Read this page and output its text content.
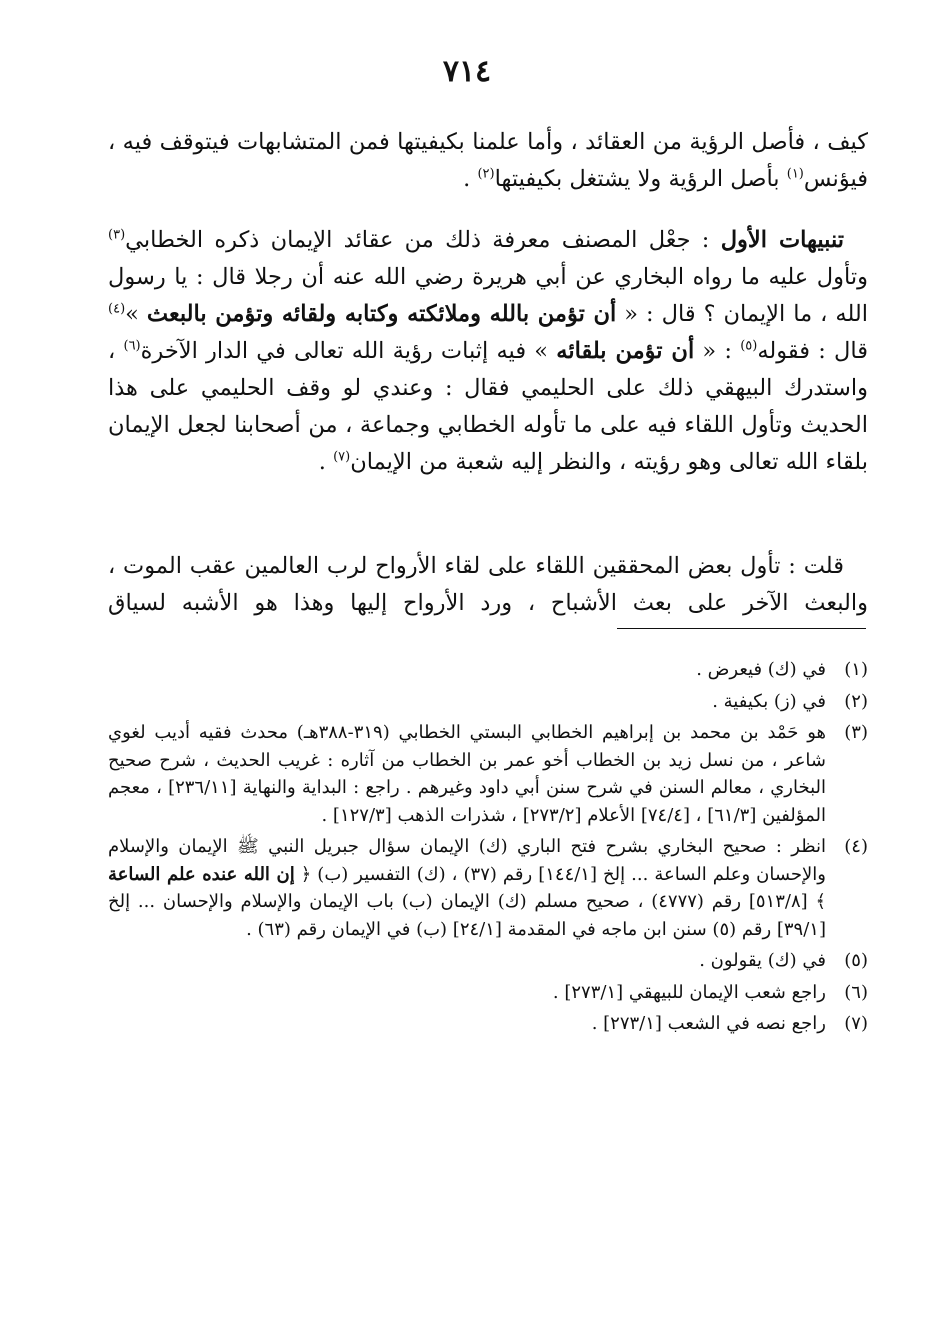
٧١٤
كيف ، فأصل الرؤية من العقائد ، وأما علمنا بكيفيتها فمن المتشابهات فيتوقف فيه ،
فيؤنس$^{(١)}$ بأصل الرؤية ولا يشتغل بكيفيتها$^{(٢)}$ .
تنبيهات الأول : جعْل المصنف معرفة ذلك من عقائد الإيمان ذكره الخطابي$^{(٣)}$
وتأول عليه ما رواه البخاري عن أبي هريرة رضي الله عنه أن رجلا قال : يا رسول
الله ، ما الإيمان ؟ قال : « أن تؤمن بالله وملائكته وكتابه ولقائه وتؤمن بالبعث »$^{(٤)}$
قال : فقوله$^{(٥)}$ : « أن تؤمن بلقائه » فيه إثبات رؤية الله تعالى في الدار الآخرة$^{(٦)}$ ،
واستدرك البيهقي ذلك على الحليمي فقال : وعندي لو وقف الحليمي على هذا
الحديث وتأول اللقاء فيه على ما تأوله الخطابي وجماعة ، من أصحابنا لجعل الإيمان
بلقاء الله تعالى وهو رؤيته ، والنظر إليه شعبة من الإيمان$^{(٧)}$ .
قلت : تأول بعض المحققين اللقاء على لقاء الأرواح لرب العالمين عقب الموت ،
والبعث الآخر على بعث الأشباح ، ورد الأرواح إليها وهذا هو الأشبه لسياق
(١)
في (ك) فيعرض .
(٢)
في (ز) بكيفية .
(٣)
هو حَمْد بن محمد بن إبراهيم الخطابي البستي الخطابي (٣١٩-٣٨٨هـ) محدث فقيه أديب لغوي شاعر ، من نسل زيد بن الخطاب أخو عمر بن الخطاب من آثاره : غريب الحديث ، شرح صحيح البخاري ، معالم السنن في شرح سنن أبي داود وغيرهم . راجع : البداية والنهاية [٢٣٦/١١] ، معجم المؤلفين [٦١/٣] ، [٧٤/٤] الأعلام [٢٧٣/٢] ، شذرات الذهب [١٢٧/٣] .
(٤)
انظر : صحيح البخاري بشرح فتح الباري (ك) الإيمان سؤال جبريل النبي ﷺ الإيمان والإسلام والإحسان وعلم الساعة ... إلخ [١٤٤/١] رقم (٣٧) ، (ك) التفسير (ب) ﴿ إن الله عنده علم الساعة ﴾ [٥١٣/٨] رقم (٤٧٧٧) ، صحيح مسلم (ك) الإيمان (ب) باب الإيمان والإسلام والإحسان ... إلخ [٣٩/١] رقم (٥) سنن ابن ماجه في المقدمة [٢٤/١] (ب) في الإيمان رقم (٦٣) .
(٥)
في (ك) يقولون .
(٦)
راجع شعب الإيمان للبيهقي [٢٧٣/١] .
(٧)
راجع نصه في الشعب [٢٧٣/١] .
